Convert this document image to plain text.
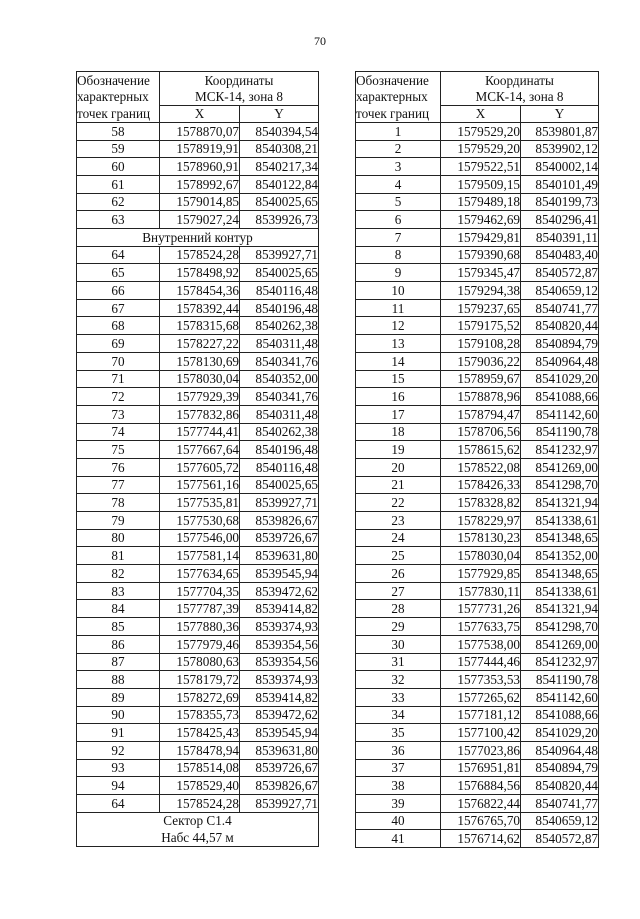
70
Обозначение	Координаты	
характерных	МСК-14, зона 8	
точек границ	X	Y
58	1578870,07	8540394,54
59	1578919,91	8540308,21
60	1578960,91	8540217,34
61	1578992,67	8540122,84
62	1579014,85	8540025,65
63	1579027,24	8539926,73
Внутренний контур		
64	1578524,28	8539927,71
65	1578498,92	8540025,65
66	1578454,36	8540116,48
67	1578392,44	8540196,48
68	1578315,68	8540262,38
69	1578227,22	8540311,48
70	1578130,69	8540341,76
71	1578030,04	8540352,00
72	1577929,39	8540341,76
73	1577832,86	8540311,48
74	1577744,41	8540262,38
75	1577667,64	8540196,48
76	1577605,72	8540116,48
77	1577561,16	8540025,65
78	1577535,81	8539927,71
79	1577530,68	8539826,67
80	1577546,00	8539726,67
81	1577581,14	8539631,80
82	1577634,65	8539545,94
83	1577704,35	8539472,62
84	1577787,39	8539414,82
85	1577880,36	8539374,93
86	1577979,46	8539354,56
87	1578080,63	8539354,56
88	1578179,72	8539374,93
89	1578272,69	8539414,82
90	1578355,73	8539472,62
91	1578425,43	8539545,94
92	1578478,94	8539631,80
93	1578514,08	8539726,67
94	1578529,40	8539826,67
64	1578524,28	8539927,71
Сектор С1.4		
Набс 44,57 м		
Обозначение	Координаты	
характерных	МСК-14, зона 8	
точек границ	X	Y
1	1579529,20	8539801,87
2	1579529,20	8539902,12
3	1579522,51	8540002,14
4	1579509,15	8540101,49
5	1579489,18	8540199,73
6	1579462,69	8540296,41
7	1579429,81	8540391,11
8	1579390,68	8540483,40
9	1579345,47	8540572,87
10	1579294,38	8540659,12
11	1579237,65	8540741,77
12	1579175,52	8540820,44
13	1579108,28	8540894,79
14	1579036,22	8540964,48
15	1578959,67	8541029,20
16	1578878,96	8541088,66
17	1578794,47	8541142,60
18	1578706,56	8541190,78
19	1578615,62	8541232,97
20	1578522,08	8541269,00
21	1578426,33	8541298,70
22	1578328,82	8541321,94
23	1578229,97	8541338,61
24	1578130,23	8541348,65
25	1578030,04	8541352,00
26	1577929,85	8541348,65
27	1577830,11	8541338,61
28	1577731,26	8541321,94
29	1577633,75	8541298,70
30	1577538,00	8541269,00
31	1577444,46	8541232,97
32	1577353,53	8541190,78
33	1577265,62	8541142,60
34	1577181,12	8541088,66
35	1577100,42	8541029,20
36	1577023,86	8540964,48
37	1576951,81	8540894,79
38	1576884,56	8540820,44
39	1576822,44	8540741,77
40	1576765,70	8540659,12
41	1576714,62	8540572,87
